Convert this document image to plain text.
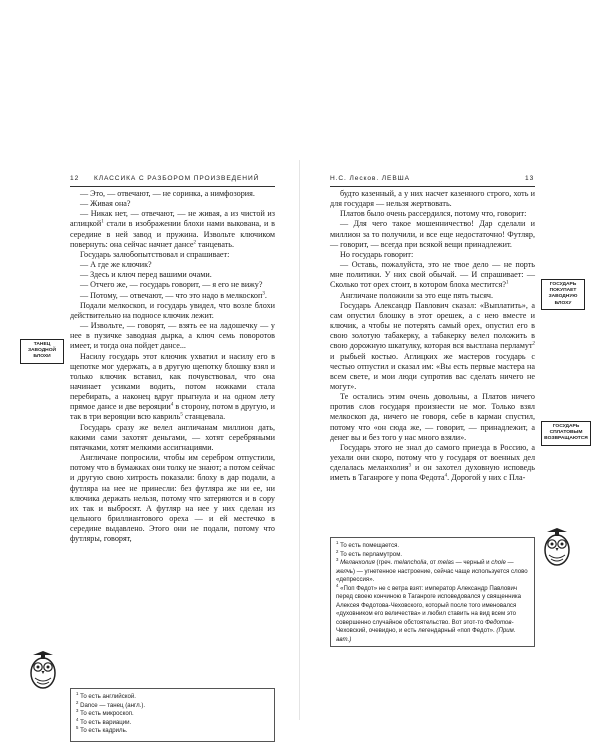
12 КЛАССИКА С РАЗБОРОМ ПРОИЗВЕДЕНИЙ

— Это, — отвечают, — не соринка, а нимфозория.

— Живая она?

— Никак нет, — отвечают, — не живая, а из чистой из аглицкой$^1$ стали в изображении блохи нами выкована, и в середине в ней завод и пружина. Извольте ключиком повернуть: она сейчас начнет дансе$^2$ танцевать.

Государь залюбопытствовал и спрашивает:

— А где же ключик?

— Здесь и ключ перед вашими очами.

— Отчего же, — государь говорит, — я его не вижу?

— Потому, — отвечают, — что это надо в мелкоскоп$^3$.

Подали мелкоскоп, и государь увидел, что возле блохи действительно на подносе ключик лежит.

— Извольте, — говорят, — взять ее на ладошечку — у нее в пузичке заводная дырка, а ключ семь поворотов имеет, и тогда она пойдет дансе...

Насилу государь этот ключик ухватил и насилу его в щепотке мог удержать, а в другую щепотку блошку взял и только ключик вставил, как почувствовал, что она начинает усиками водить, потом ножками стала перебирать, а наконец вдруг прыгнула и на одном лету прямое дансе и две верояции$^4$ в сторону, потом в другую, и так в три верояции всю кавриль$^5$ станцевала.

Государь сразу же велел англичанам миллион дать, какими сами захотят деньгами, — хотят серебряными пятачками, хотят мелкими ассигнациями.

Англичане попросили, чтобы им серебром отпустили, потому что в бумажках они толку не знают; а потом сейчас и другую свою хитрость показали: блоху в дар подали, а футляра на нее не принесли: без футляра же ни ее, ни ключика держать нельзя, потому что затеряются и в сору их так и выбросят. А футляр на нее у них сделан из цельного бриллиантового ореха — и ей местечко в середине выдавлено. Этого они не подали, потому что футляры, говорят,

ТАНЕЦ
ЗАВОДНОЙ
БЛОХИ
$^1$ То есть английской.
$^2$ Dance — танец (англ.).
$^3$ То есть микроскоп.
$^4$ То есть вариации.
$^5$ То есть кадриль.
Н.С. Лесков. ЛЕВША	13

будто казенный, а у них насчет казенного строго, хоть и для государя — нельзя жертвовать.

Платов было очень рассердился, потому что, говорит:

— Для чего такое мошенничество! Дар сделали и миллион за то получили, и все еще недостаточно! Футляр, — говорит, — всегда при всякой вещи принадлежит.

Но государь говорит:

— Оставь, пожалуйста, это не твое дело — не порть мне политики. У них свой обычай. — И спрашивает: — Сколько тот орех стоит, в котором блоха местится?$^1$

Англичане положили за это еще пять тысяч.

Государь Александр Павлович сказал: «Выплатить», а сам опустил блошку в этот орешек, а с нею вместе и ключик, а чтобы не потерять самый орех, опустил его в свою золотую табакерку, а табакерку велел положить в свою дорожную шкатулку, которая вся выстлана перламут$^2$ и рыбьей костью. Аглицких же мастеров государь с честью отпустил и сказал им: «Вы есть первые мастера на всем свете, и мои люди супротив вас сделать ничего не могут».

Те остались этим очень довольны, а Платов ничего против слов государя произнести не мог. Только взял мелкоскоп да, ничего не говоря, себе в карман спустил, потому что «он сюда же, — говорит, — принадлежит, а денег вы и без того у нас много взяли».

Государь этого не знал до самого приезда в Россию, а уехали они скоро, потому что у государя от военных дел сделалась меланхолия$^3$ и он захотел духовную исповедь иметь в Таганроге у попа Федота$^4$. Дорогой у них с Пла-

ГОСУДАРЬ
ПОКУПАЕТ
ЗАВОДНУЮ
БЛОХУ
ГОСУДАРЬ
СПЛАТОВЫМ
ВОЗВРАЩАЮТСЯ
$^1$ То есть помещается.
$^2$ То есть перламутром.
$^3$ Меланхолия (греч. melancholia, от melas — черный и chole — желчь) — угнетенное настроение, сейчас чаще используется слово «депрессия».
$^4$ «Поп Федот» не с ветра взят: император Александр Павлович перед своею кончиною в Таганроге исповедовался у священника Алексея Федотова-Чеховского, который после того именовался «духовником его величества» и любил ставить на вид всем это совершенно случайное обстоятельство. Вот этот-то Федотов-Чеховский, очевидно, и есть легендарный «поп Федот». (Прим. авт.)
